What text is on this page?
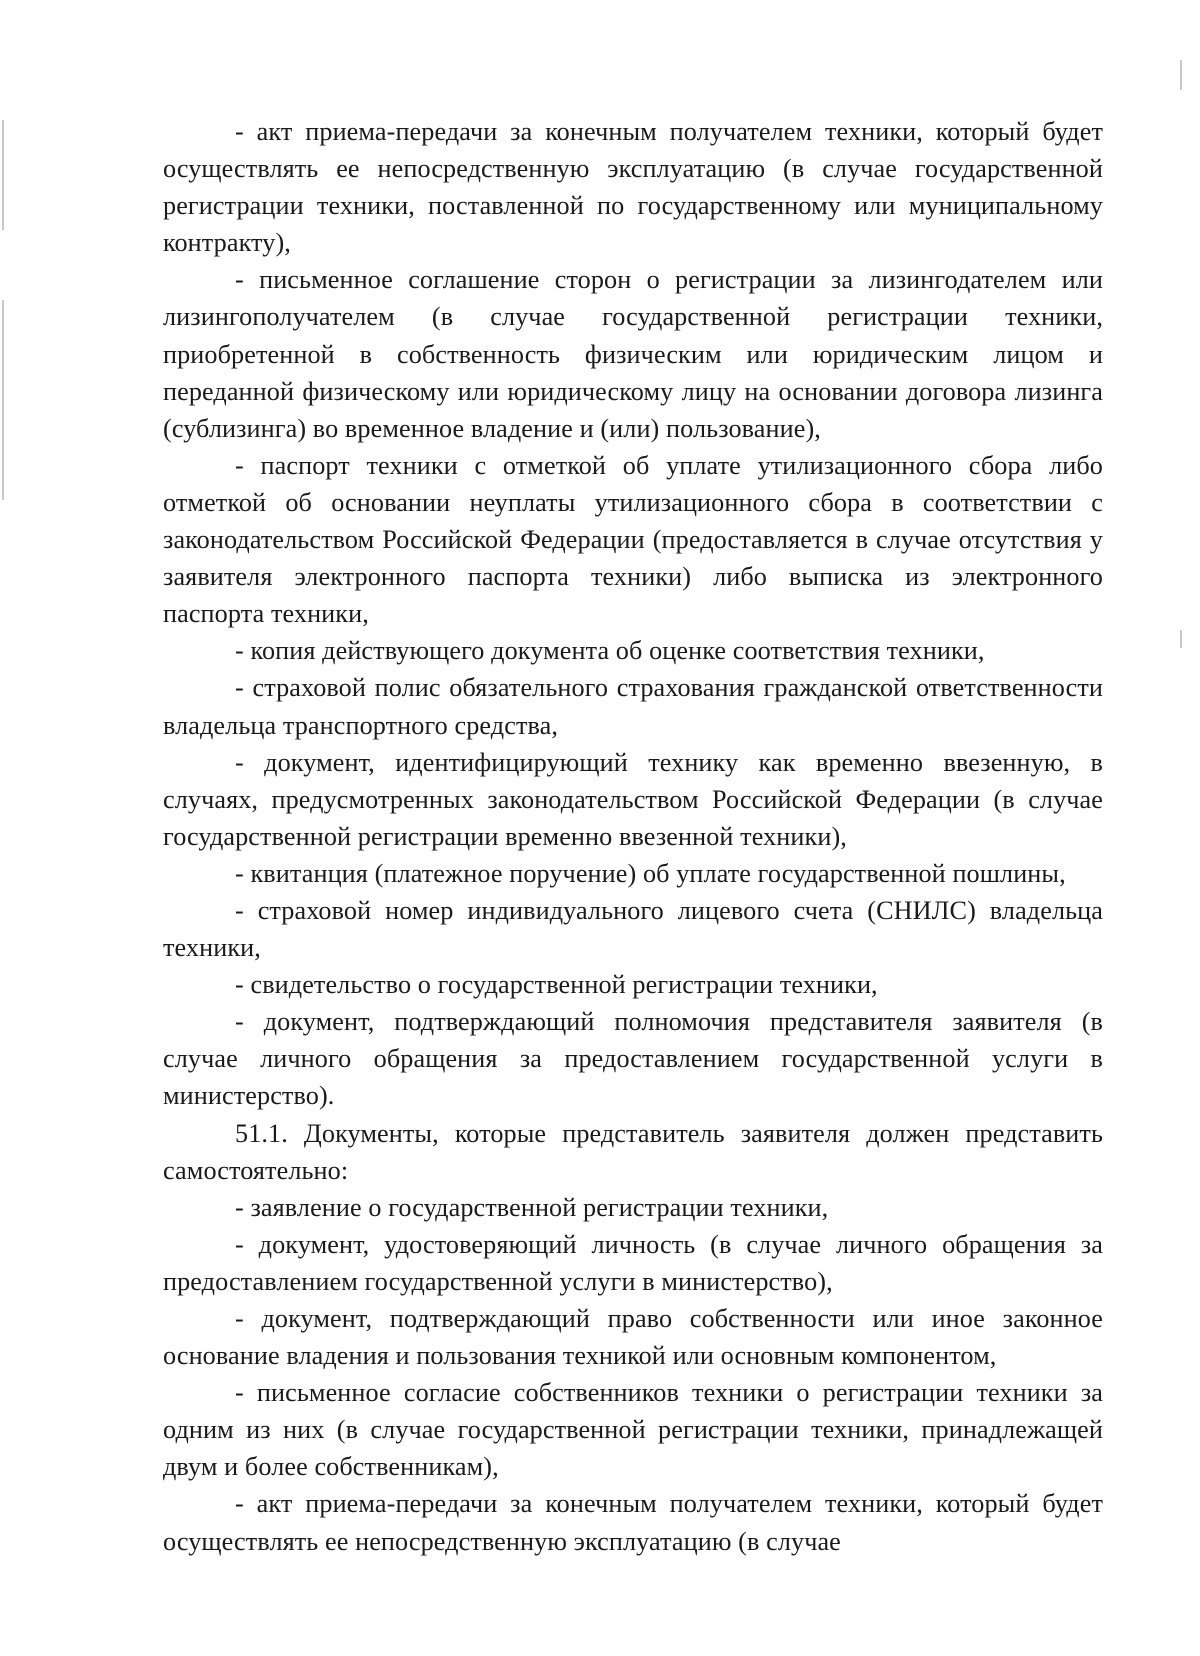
- акт приема-передачи за конечным получателем техники, который будет осуществлять ее непосредственную эксплуатацию (в случае государственной регистрации техники, поставленной по государственному или муниципальному контракту),

- письменное соглашение сторон о регистрации за лизингодателем или лизингополучателем (в случае государственной регистрации техники, приобретенной в собственность физическим или юридическим лицом и переданной физическому или юридическому лицу на основании договора лизинга (сублизинга) во временное владение и (или) пользование),

- паспорт техники с отметкой об уплате утилизационного сбора либо отметкой об основании неуплаты утилизационного сбора в соответствии с законодательством Российской Федерации (предоставляется в случае отсутствия у заявителя электронного паспорта техники) либо выписка из электронного паспорта техники,

- копия действующего документа об оценке соответствия техники,

- страховой полис обязательного страхования гражданской ответственности владельца транспортного средства,

- документ, идентифицирующий технику как временно ввезенную, в случаях, предусмотренных законодательством Российской Федерации (в случае государственной регистрации временно ввезенной техники),

- квитанция (платежное поручение) об уплате государственной пошлины,

- страховой номер индивидуального лицевого счета (СНИЛС) владельца техники,

- свидетельство о государственной регистрации техники,

- документ, подтверждающий полномочия представителя заявителя (в случае личного обращения за предоставлением государственной услуги в министерство).

51.1. Документы, которые представитель заявителя должен представить самостоятельно:

- заявление о государственной регистрации техники,

- документ, удостоверяющий личность (в случае личного обращения за предоставлением государственной услуги в министерство),

- документ, подтверждающий право собственности или иное законное основание владения и пользования техникой или основным компонентом,

- письменное согласие собственников техники о регистрации техники за одним из них (в случае государственной регистрации техники, принадлежащей двум и более собственникам),

- акт приема-передачи за конечным получателем техники, который будет осуществлять ее непосредственную эксплуатацию (в случае
